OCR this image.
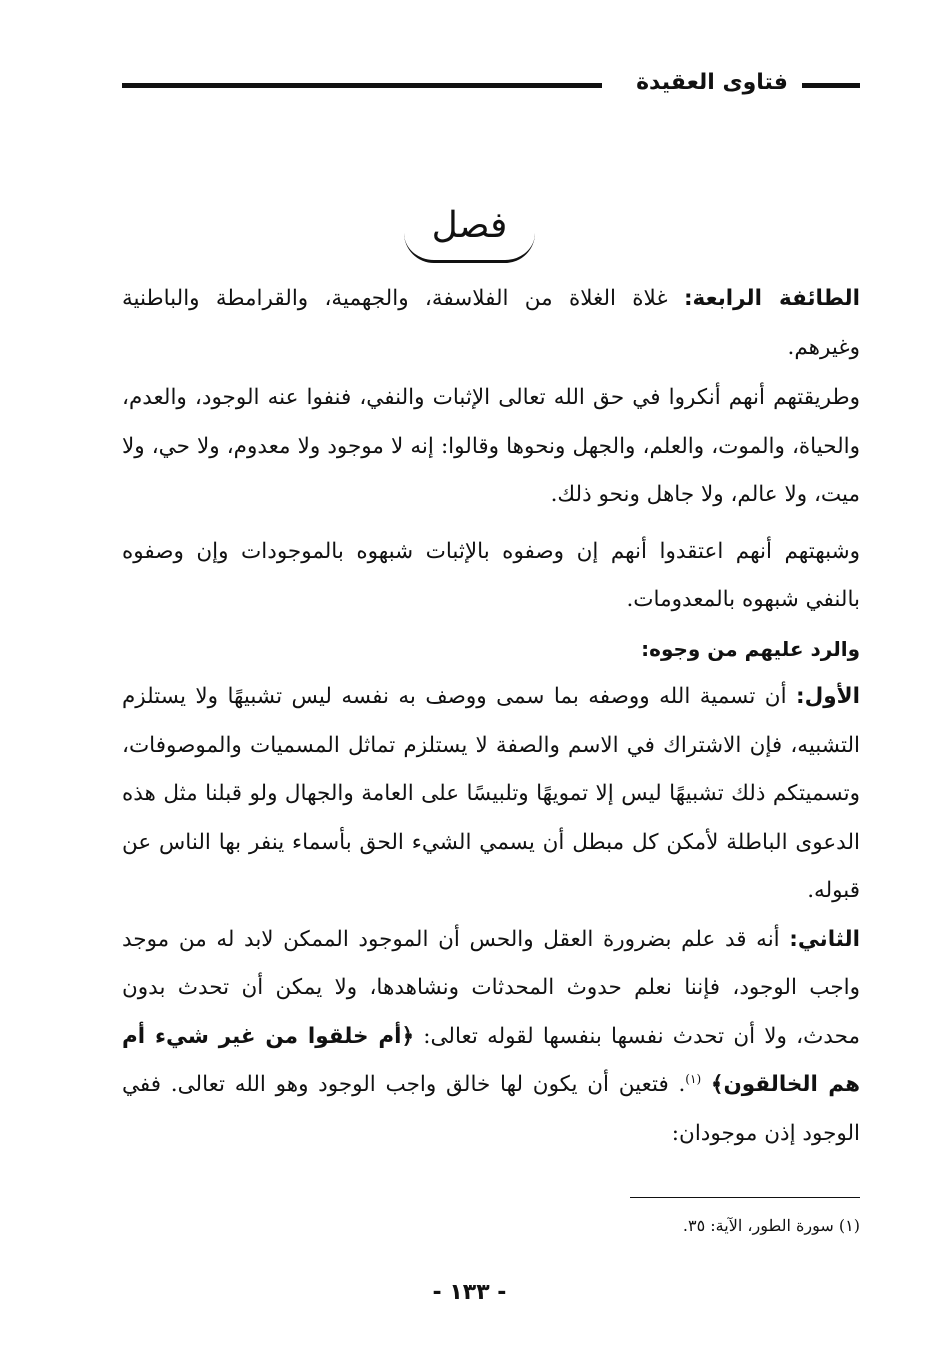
فتاوى العقيدة
فصل

الطائفة الرابعة: غلاة الغلاة من الفلاسفة، والجهمية، والقرامطة والباطنية وغيرهم.

وطريقتهم أنهم أنكروا في حق الله تعالى الإثبات والنفي، فنفوا عنه الوجود، والعدم، والحياة، والموت، والعلم، والجهل ونحوها وقالوا: إنه لا موجود ولا معدوم، ولا حي، ولا ميت، ولا عالم، ولا جاهل ونحو ذلك.

وشبهتهم أنهم اعتقدوا أنهم إن وصفوه بالإثبات شبهوه بالموجودات وإن وصفوه بالنفي شبهوه بالمعدومات.

والرد عليهم من وجوه:

الأول: أن تسمية الله ووصفه بما سمى ووصف به نفسه ليس تشبيهًا ولا يستلزم التشبيه، فإن الاشتراك في الاسم والصفة لا يستلزم تماثل المسميات والموصوفات، وتسميتكم ذلك تشبيهًا ليس إلا تمويهًا وتلبيسًا على العامة والجهال ولو قبلنا مثل هذه الدعوى الباطلة لأمكن كل مبطل أن يسمي الشيء الحق بأسماء ينفر بها الناس عن قبوله.

الثاني: أنه قد علم بضرورة العقل والحس أن الموجود الممكن لابد له من موجد واجب الوجود، فإننا نعلم حدوث المحدثات ونشاهدها، ولا يمكن أن تحدث بدون محدث، ولا أن تحدث نفسها بنفسها لقوله تعالى: ﴿أم خلقوا من غير شيء أم هم الخالقون﴾ $^{(١)}$. فتعين أن يكون لها خالق واجب الوجود وهو الله تعالى. ففي الوجود إذن موجودان:

(١) سورة الطور، الآية: ٣٥.
- ١٣٣ -
